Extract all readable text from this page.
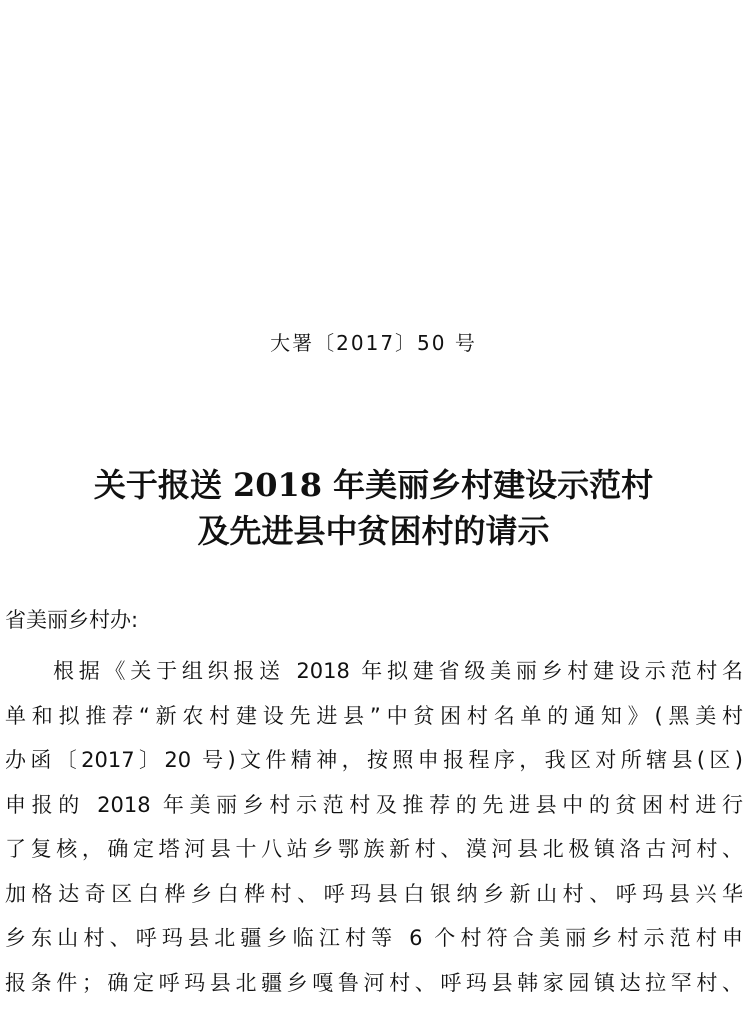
大署〔2017〕50 号
关于报送 2018 年美丽乡村建设示范村
及先进县中贫困村的请示
省美丽乡村办:
根据《关于组织报送 2018 年拟建省级美丽乡村建设示范村名
单和拟推荐“新农村建设先进县”中贫困村名单的通知》(黑美村
办函〔2017〕20 号)文件精神，按照申报程序，我区对所辖县(区)
申报的 2018 年美丽乡村示范村及推荐的先进县中的贫困村进行
了复核，确定塔河县十八站乡鄂族新村、漠河县北极镇洛古河村、
加格达奇区白桦乡白桦村、呼玛县白银纳乡新山村、呼玛县兴华
乡东山村、呼玛县北疆乡临江村等 6 个村符合美丽乡村示范村申
报条件；确定呼玛县北疆乡嘎鲁河村、呼玛县韩家园镇达拉罕村、
